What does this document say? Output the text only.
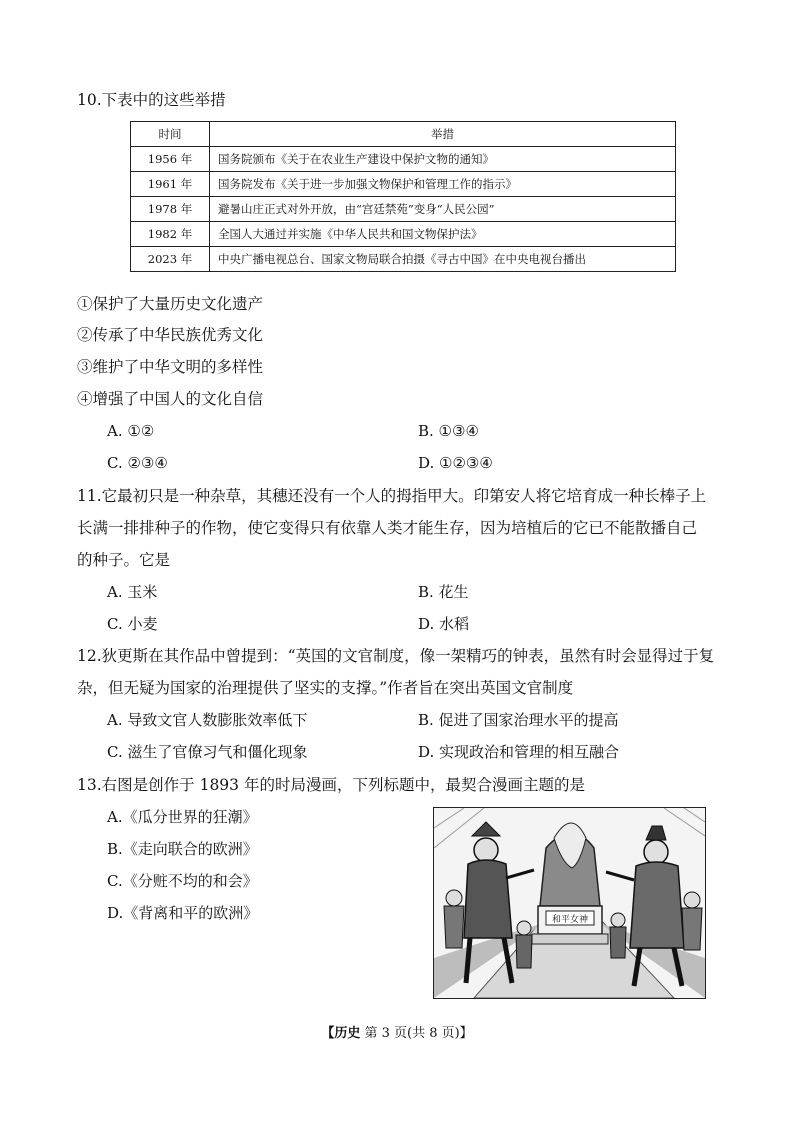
10.下表中的这些举措
时间	举措
1956 年	国务院颁布《关于在农业生产建设中保护文物的通知》
1961 年	国务院发布《关于进一步加强文物保护和管理工作的指示》
1978 年	避暑山庄正式对外开放，由“宫廷禁苑”变身“人民公园”
1982 年	全国人大通过并实施《中华人民共和国文物保护法》
2023 年	中央广播电视总台、国家文物局联合拍摄《寻古中国》在中央电视台播出
①保护了大量历史文化遗产
②传承了中华民族优秀文化
③维护了中华文明的多样性
④增强了中国人的文化自信
A. ①②	B. ①③④
C. ②③④	D. ①②③④
11.它最初只是一种杂草，其穗还没有一个人的拇指甲大。印第安人将它培育成一种长棒子上
长满一排排种子的作物，使它变得只有依靠人类才能生存，因为培植后的它已不能散播自己
的种子。它是
A. 玉米	B. 花生
C. 小麦	D. 水稻
12.狄更斯在其作品中曾提到：“英国的文官制度，像一架精巧的钟表，虽然有时会显得过于复
杂，但无疑为国家的治理提供了坚实的支撑。”作者旨在突出英国文官制度
A. 导致文官人数膨胀效率低下	B. 促进了国家治理水平的提高
C. 滋生了官僚习气和僵化现象	D. 实现政治和管理的相互融合
13.右图是创作于 1893 年的时局漫画，下列标题中，最契合漫画主题的是
A.《瓜分世界的狂潮》
B.《走向联合的欧洲》
C.《分赃不均的和会》
D.《背离和平的欧洲》	和平女神
【历史 第 3 页(共 8 页)】
